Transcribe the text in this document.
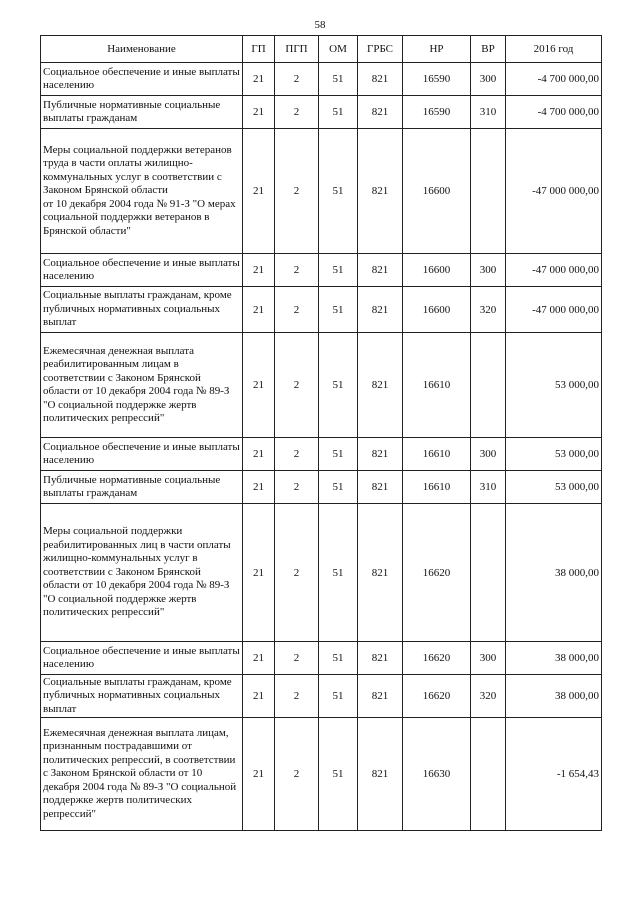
58
Наименование	ГП	ПГП	ОМ	ГРБС	НР	ВР	2016 год
Социальное обеспечение и иные выплаты населению	21	2	51	821	16590	300	-4 700 000,00
Публичные нормативные социальные выплаты гражданам	21	2	51	821	16590	310	-4 700 000,00
Меры социальной поддержки ветеранов труда в части оплаты жилищно-коммунальных услуг в соответствии с Законом Брянской области
от 10 декабря 2004 года № 91-З "О мерах социальной поддержки ветеранов в Брянской области"	21	2	51	821	16600		-47 000 000,00
Социальное обеспечение и иные выплаты населению	21	2	51	821	16600	300	-47 000 000,00
Социальные выплаты гражданам, кроме публичных нормативных социальных выплат	21	2	51	821	16600	320	-47 000 000,00
Ежемесячная денежная выплата реабилитированным лицам в соответствии с Законом Брянской области от 10 декабря 2004 года № 89-З "О социальной поддержке жертв политических репрессий"	21	2	51	821	16610		53 000,00
Социальное обеспечение и иные выплаты населению	21	2	51	821	16610	300	53 000,00
Публичные нормативные социальные выплаты гражданам	21	2	51	821	16610	310	53 000,00
Меры социальной поддержки реабилитированных лиц в части оплаты жилищно-коммунальных услуг в соответствии с Законом Брянской области от 10 декабря 2004 года № 89-З "О социальной поддержке жертв политических репрессий"	21	2	51	821	16620		38 000,00
Социальное обеспечение и иные выплаты населению	21	2	51	821	16620	300	38 000,00
Социальные выплаты гражданам, кроме публичных нормативных социальных выплат	21	2	51	821	16620	320	38 000,00
Ежемесячная денежная выплата лицам, признанным пострадавшими от политических репрессий, в соответствии с Законом Брянской области от 10 декабря 2004 года № 89-З "О социальной поддержке жертв политических репрессий"	21	2	51	821	16630		-1 654,43
